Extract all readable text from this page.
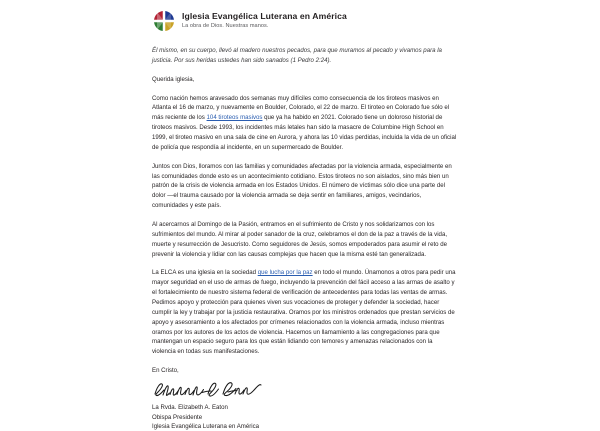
Iglesia Evangélica Luterana en América
La obra de Dios. Nuestras manos.

Él mismo, en su cuerpo, llevó al madero nuestros pecados, para que muramos al pecado y vivamos para la justicia. Por sus heridas ustedes han sido sanados (1 Pedro 2:24).

Querida iglesia,

Como nación hemos aravesado dos semanas muy difíciles como consecuencia de los tiroteos masivos en Atlanta el 16 de marzo, y nuevamente en Boulder, Colorado, el 22 de marzo. El tiroteo en Colorado fue sólo el más reciente de los 104 tiroteos masivos que ya ha habido en 2021. Colorado tiene un doloroso historial de tiroteos masivos. Desde 1993, los incidentes más letales han sido la masacre de Columbine High School en 1999, el tiroteo masivo en una sala de cine en Aurora, y ahora las 10 vidas perdidas, incluida la vida de un oficial de policía que respondía al incidente, en un supermercado de Boulder.

Juntos con Dios, lloramos con las familias y comunidades afectadas por la violencia armada, especialmente en las comunidades donde esto es un acontecimiento cotidiano. Estos tiroteos no son aislados, sino más bien un patrón de la crisis de violencia armada en los Estados Unidos. El número de víctimas sólo dice una parte del dolor —el trauma causado por la violencia armada se deja sentir en familiares, amigos, vecindarios, comunidades y este país.

Al acercarnos al Domingo de la Pasión, entramos en el sufrimiento de Cristo y nos solidarizamos con los sufrimientos del mundo. Al mirar al poder sanador de la cruz, celebramos el don de la paz a través de la vida, muerte y resurrección de Jesucristo. Como seguidores de Jesús, somos empoderados para asumir el reto de prevenir la violencia y lidiar con las causas complejas que hacen que la misma esté tan generalizada.

La ELCA es una iglesia en la sociedad que lucha por la paz en todo el mundo. Únamonos a otros para pedir una mayor seguridad en el uso de armas de fuego, incluyendo la prevención del fácil acceso a las armas de asalto y el fortalecimiento de nuestro sistema federal de verificación de antecedentes para todas las ventas de armas. Pedimos apoyo y protección para quienes viven sus vocaciones de proteger y defender la sociedad, hacer cumplir la ley y trabajar por la justicia restaurativa. Oramos por los ministros ordenados que prestan servicios de apoyo y asesoramiento a los afectados por crímenes relacionados con la violencia armada, incluso mientras oramos por los autores de los actos de violencia. Hacemos un llamamiento a las congregaciones para que mantengan un espacio seguro para los que están lidiando con temores y amenazas relacionados con la violencia en todas sus manifestaciones.

En Cristo,

La Rvda. Elizabeth A. Eaton
Obispa Presidente
Iglesia Evangélica Luterana en América
